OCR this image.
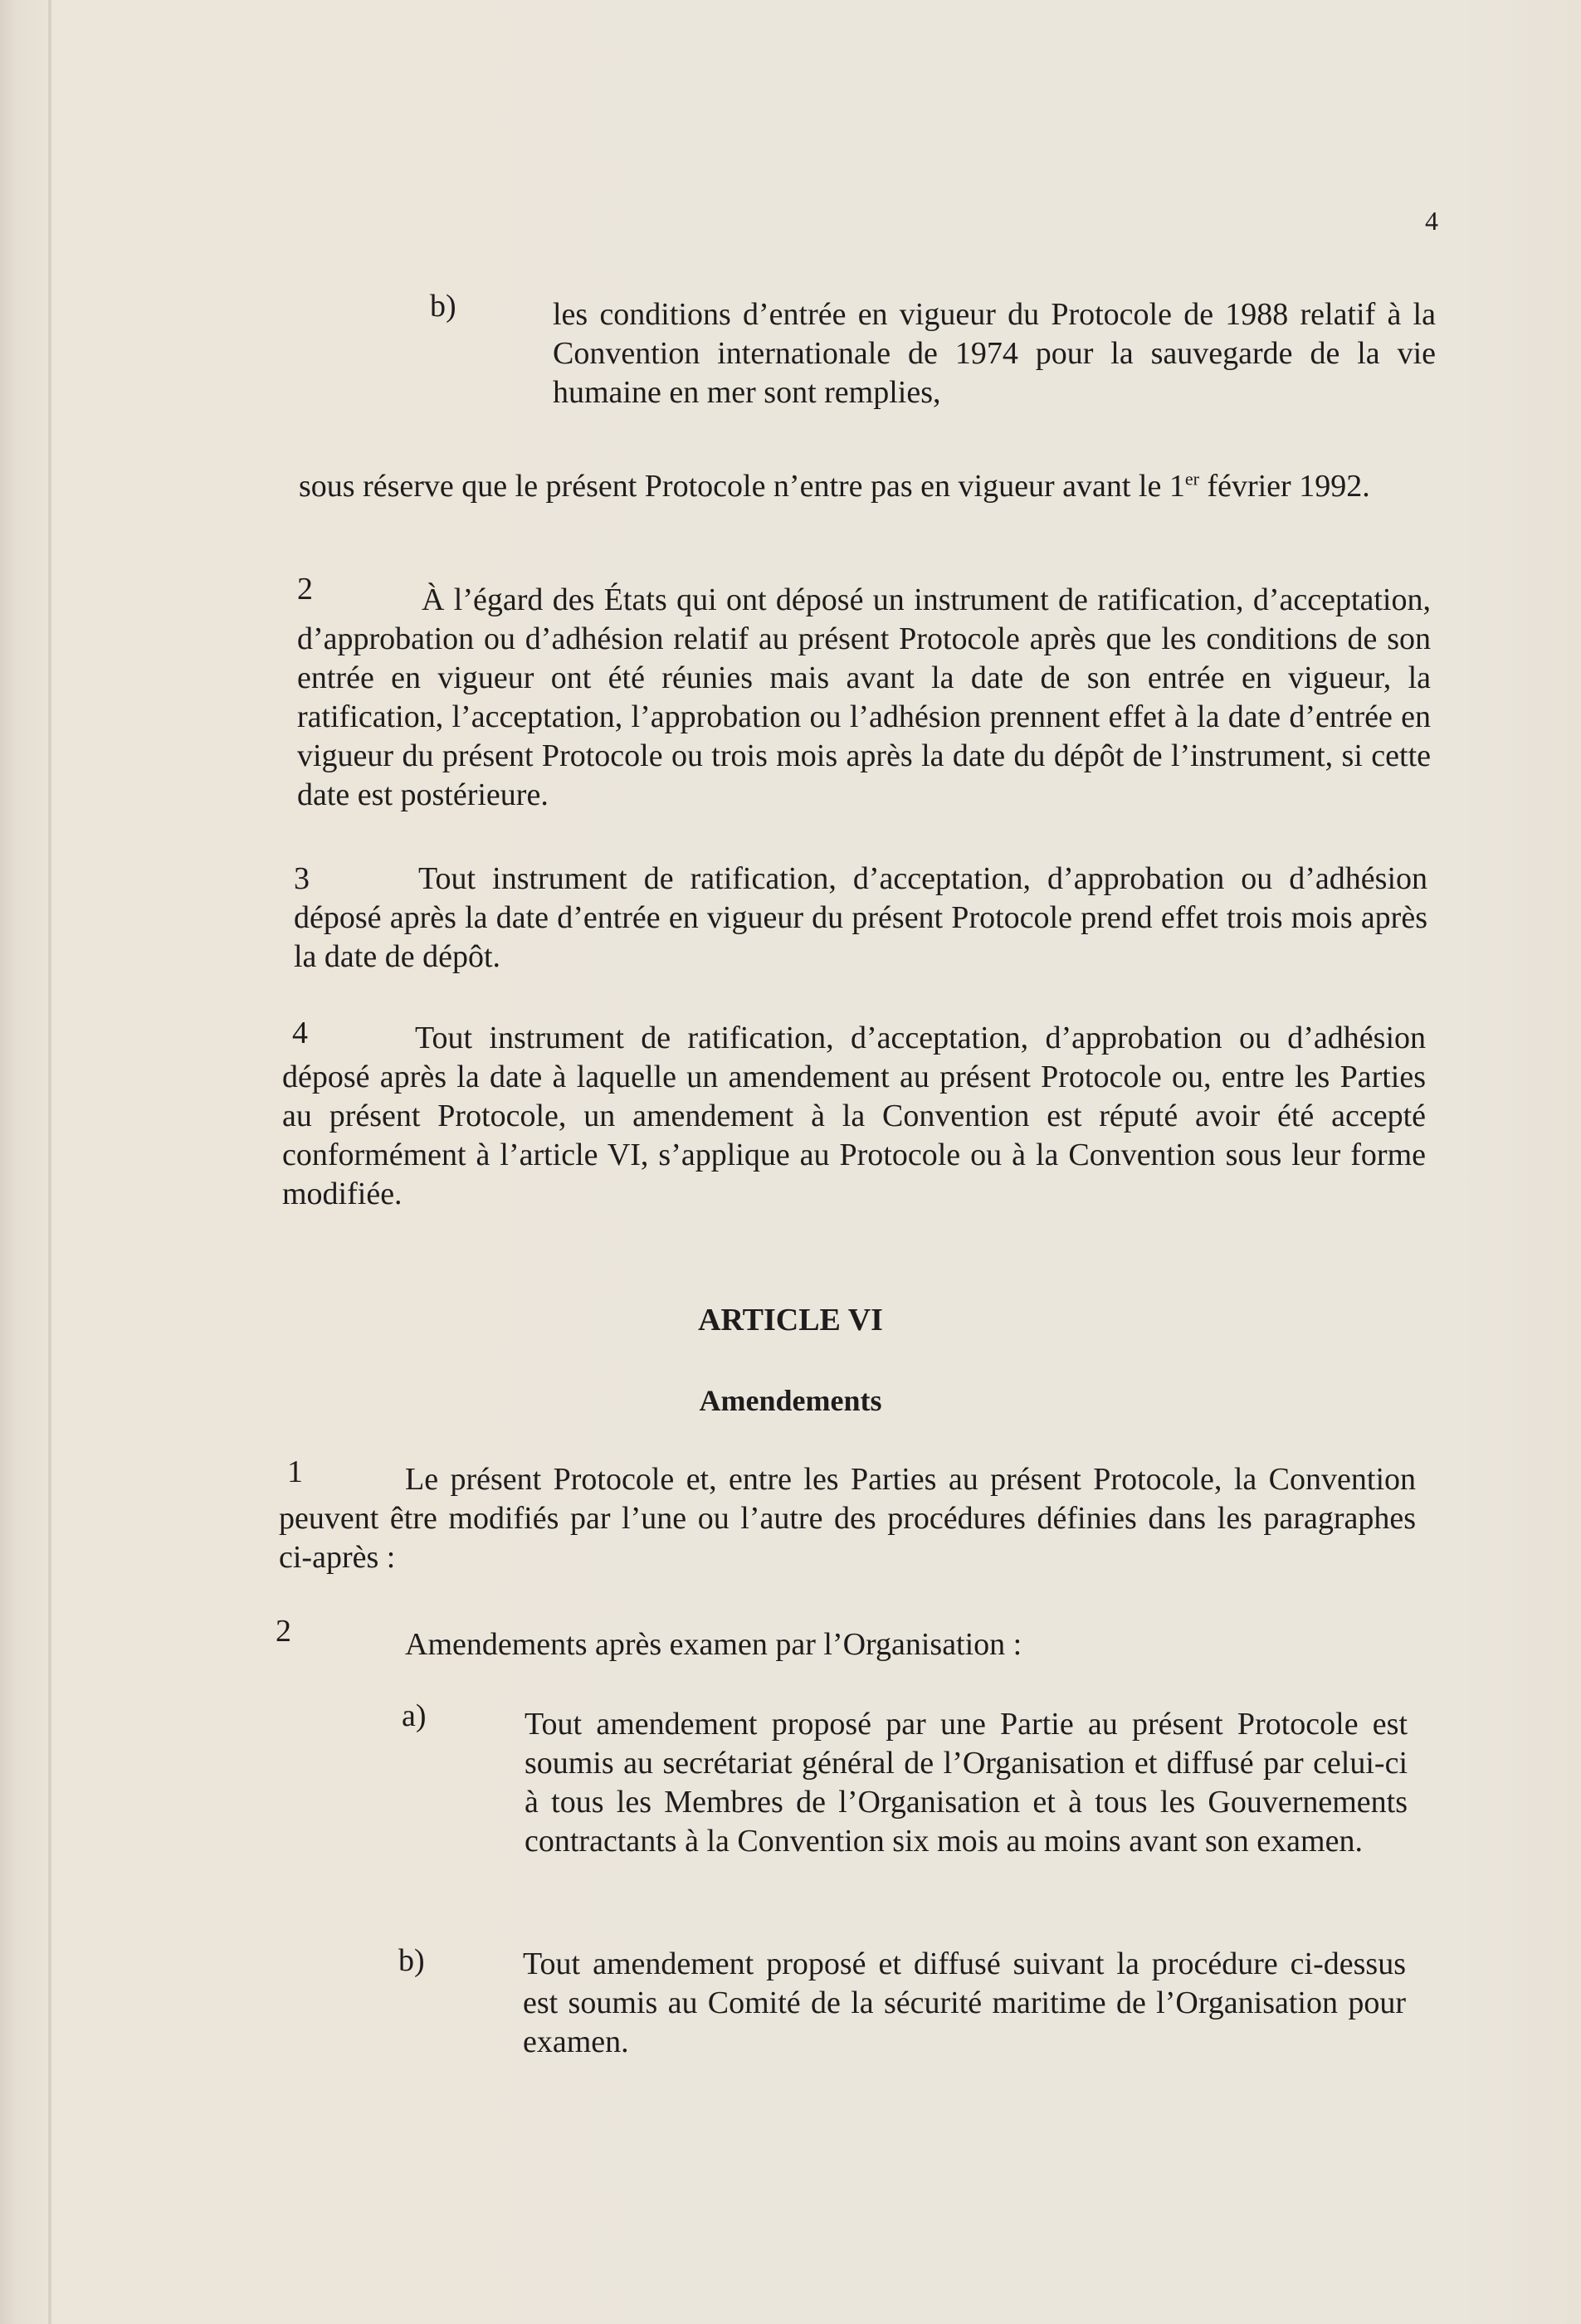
4
b)	les conditions d’entrée en vigueur du Protocole de 1988 relatif à la Convention internationale de 1974 pour la sauvegarde de la vie humaine en mer sont remplies,
sous réserve que le présent Protocole n’entre pas en vigueur avant le 1er février 1992.
2	À l’égard des États qui ont déposé un instrument de ratification, d’acceptation, d’approbation ou d’adhésion relatif au présent Protocole après que les conditions de son entrée en vigueur ont été réunies mais avant la date de son entrée en vigueur, la ratification, l’acceptation, l’approbation ou l’adhésion prennent effet à la date d’entrée en vigueur du présent Protocole ou trois mois après la date du dépôt de l’instrument, si cette date est postérieure.
3	Tout instrument de ratification, d’acceptation, d’approbation ou d’adhésion déposé après la date d’entrée en vigueur du présent Protocole prend effet trois mois après la date de dépôt.
4	Tout instrument de ratification, d’acceptation, d’approbation ou d’adhésion déposé après la date à laquelle un amendement au présent Protocole ou, entre les Parties au présent Protocole, un amendement à la Convention est réputé avoir été accepté conformément à l’article VI, s’applique au Protocole ou à la Convention sous leur forme modifiée.
ARTICLE VI
Amendements
1	Le présent Protocole et, entre les Parties au présent Protocole, la Convention peuvent être modifiés par l’une ou l’autre des procédures définies dans les paragraphes ci-après :
2	Amendements après examen par l’Organisation :
a)	Tout amendement proposé par une Partie au présent Protocole est soumis au secrétariat général de l’Organisation et diffusé par celui-ci à tous les Membres de l’Organisation et à tous les Gouvernements contractants à la Convention six mois au moins avant son examen.
b)	Tout amendement proposé et diffusé suivant la procédure ci-dessus est soumis au Comité de la sécurité maritime de l’Organisation pour examen.
